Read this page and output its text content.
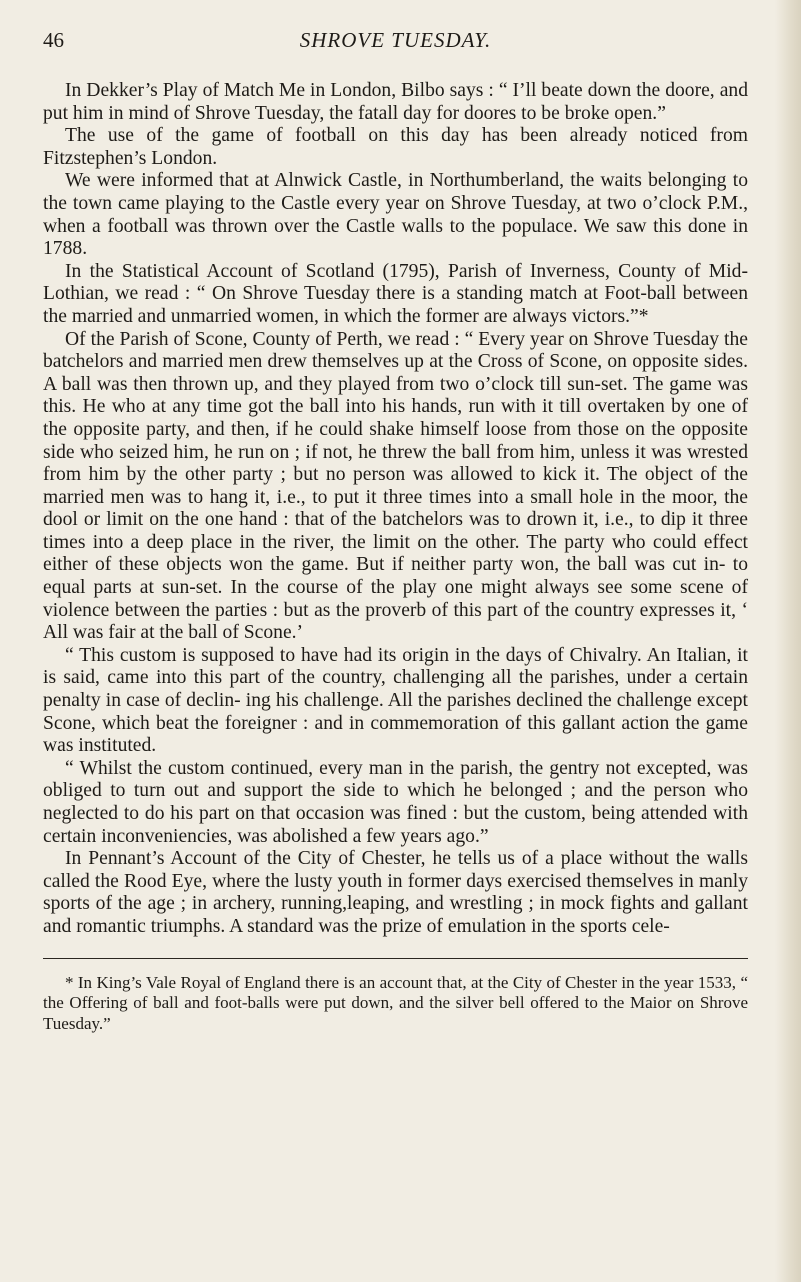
46	SHROVE TUESDAY.

In Dekker’s Play of Match Me in London, Bilbo says : “ I’ll beate down the doore, and put him in mind of Shrove Tuesday, the fatall day for doores to be broke open.”

The use of the game of football on this day has been already noticed from Fitzstephen’s London.

We were informed that at Alnwick Castle, in Northumberland, the waits belonging to the town came playing to the Castle every year on Shrove Tuesday, at two o’clock P.M., when a football was thrown over the Castle walls to the populace. We saw this done in 1788.

In the Statistical Account of Scotland (1795), Parish of Inverness, County of Mid-Lothian, we read : “ On Shrove Tuesday there is a standing match at Foot-ball between the married and unmarried women, in which the former are always victors.”*

Of the Parish of Scone, County of Perth, we read : “ Every year on Shrove Tuesday the batchelors and married men drew themselves up at the Cross of Scone, on opposite sides. A ball was then thrown up, and they played from two o’clock till sun-set. The game was this. He who at any time got the ball into his hands, run with it till overtaken by one of the opposite party, and then, if he could shake himself loose from those on the opposite side who seized him, he run on ; if not, he threw the ball from him, unless it was wrested from him by the other party ; but no person was allowed to kick it. The object of the married men was to hang it, i.e., to put it three times into a small hole in the moor, the dool or limit on the one hand : that of the batchelors was to drown it, i.e., to dip it three times into a deep place in the river, the limit on the other. The party who could effect either of these objects won the game. But if neither party won, the ball was cut in- to equal parts at sun-set. In the course of the play one might always see some scene of violence between the parties : but as the proverb of this part of the country expresses it, ‘ All was fair at the ball of Scone.’

“ This custom is supposed to have had its origin in the days of Chivalry. An Italian, it is said, came into this part of the country, challenging all the parishes, under a certain penalty in case of declin- ing his challenge. All the parishes declined the challenge except Scone, which beat the foreigner : and in commemoration of this gallant action the game was instituted.

“ Whilst the custom continued, every man in the parish, the gentry not excepted, was obliged to turn out and support the side to which he belonged ; and the person who neglected to do his part on that occasion was fined : but the custom, being attended with certain inconveniencies, was abolished a few years ago.”

In Pennant’s Account of the City of Chester, he tells us of a place without the walls called the Rood Eye, where the lusty youth in former days exercised themselves in manly sports of the age ; in archery, running,leaping, and wrestling ; in mock fights and gallant and romantic triumphs. A standard was the prize of emulation in the sports cele-

* In King’s Vale Royal of England there is an account that, at the City of Chester in the year 1533, “ the Offering of ball and foot-balls were put down, and the silver bell offered to the Maior on Shrove Tuesday.”
